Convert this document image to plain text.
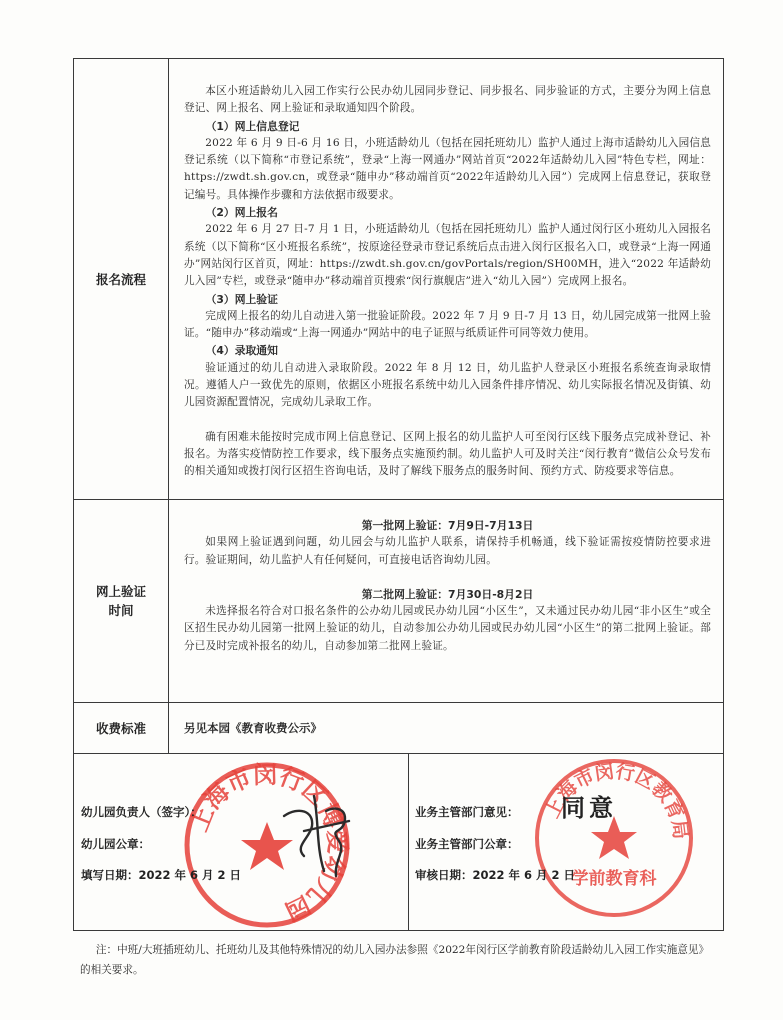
报名流程

本区小班适龄幼儿入园工作实行公民办幼儿园同步登记、同步报名、同步验证的方式，主要分为网上信息登记、网上报名、网上验证和录取通知四个阶段。

（1）网上信息登记

2022 年 6 月 9 日-6 月 16 日，小班适龄幼儿（包括在园托班幼儿）监护人通过上海市适龄幼儿入园信息登记系统（以下简称“市登记系统”，登录“上海一网通办”网站首页“2022年适龄幼儿入园”特色专栏，网址：https://zwdt.sh.gov.cn，或登录“随申办”移动端首页“2022年适龄幼儿入园”）完成网上信息登记，获取登记编号。具体操作步骤和方法依据市级要求。

（2）网上报名

2022 年 6 月 27 日-7 月 1 日，小班适龄幼儿（包括在园托班幼儿）监护人通过闵行区小班幼儿入园报名系统（以下简称“区小班报名系统”，按原途径登录市登记系统后点击进入闵行区报名入口，或登录“上海一网通办”网站闵行区首页，网址：https://zwdt.sh.gov.cn/govPortals/region/SH00MH，进入“2022 年适龄幼儿入园”专栏，或登录“随申办”移动端首页搜索“闵行旗舰店”进入“幼儿入园”）完成网上报名。

（3）网上验证

完成网上报名的幼儿自动进入第一批验证阶段。2022 年 7 月 9 日-7 月 13 日，幼儿园完成第一批网上验证。“随申办”移动端或“上海一网通办”网站中的电子证照与纸质证件可同等效力使用。

（4）录取通知

验证通过的幼儿自动进入录取阶段。2022 年 8 月 12 日，幼儿监护人登录区小班报名系统查询录取情况。遵循人户一致优先的原则，依据区小班报名系统中幼儿入园条件排序情况、幼儿实际报名情况及街镇、幼儿园资源配置情况，完成幼儿录取工作。

确有困难未能按时完成市网上信息登记、区网上报名的幼儿监护人可至闵行区线下服务点完成补登记、补报名。为落实疫情防控工作要求，线下服务点实施预约制。幼儿监护人可及时关注“闵行教育”微信公众号发布的相关通知或拨打闵行区招生咨询电话，及时了解线下服务点的服务时间、预约方式、防疫要求等信息。

网上验证
时间

第一批网上验证：7月9日-7月13日

如果网上验证遇到问题，幼儿园会与幼儿监护人联系，请保持手机畅通，线下验证需按疫情防控要求进行。验证期间，幼儿监护人有任何疑问，可直接电话咨询幼儿园。

第二批网上验证：7月30日-8月2日

未选择报名符合对口报名条件的公办幼儿园或民办幼儿园“小区生”，又未通过民办幼儿园“非小区生”或全区招生民办幼儿园第一批网上验证的幼儿，自动参加公办幼儿园或民办幼儿园“小区生”的第二批网上验证。部分已及时完成补报名的幼儿，自动参加第二批网上验证。

收费标准	另见本园《教育收费公示》
上海市闵行区博爱幼儿园
林禄
幼儿园负责人（签字）：
幼儿园公章：
填写日期：2022 年 6 月 2 日
上海市闵行区教育局
学前教育科
同意
业务主管部门意见：
业务主管部门公章：
审核日期：2022 年 6 月 2 日

注：中班/大班插班幼儿、托班幼儿及其他特殊情况的幼儿入园办法参照《2022年闵行区学前教育阶段适龄幼儿入园工作实施意见》的相关要求。
